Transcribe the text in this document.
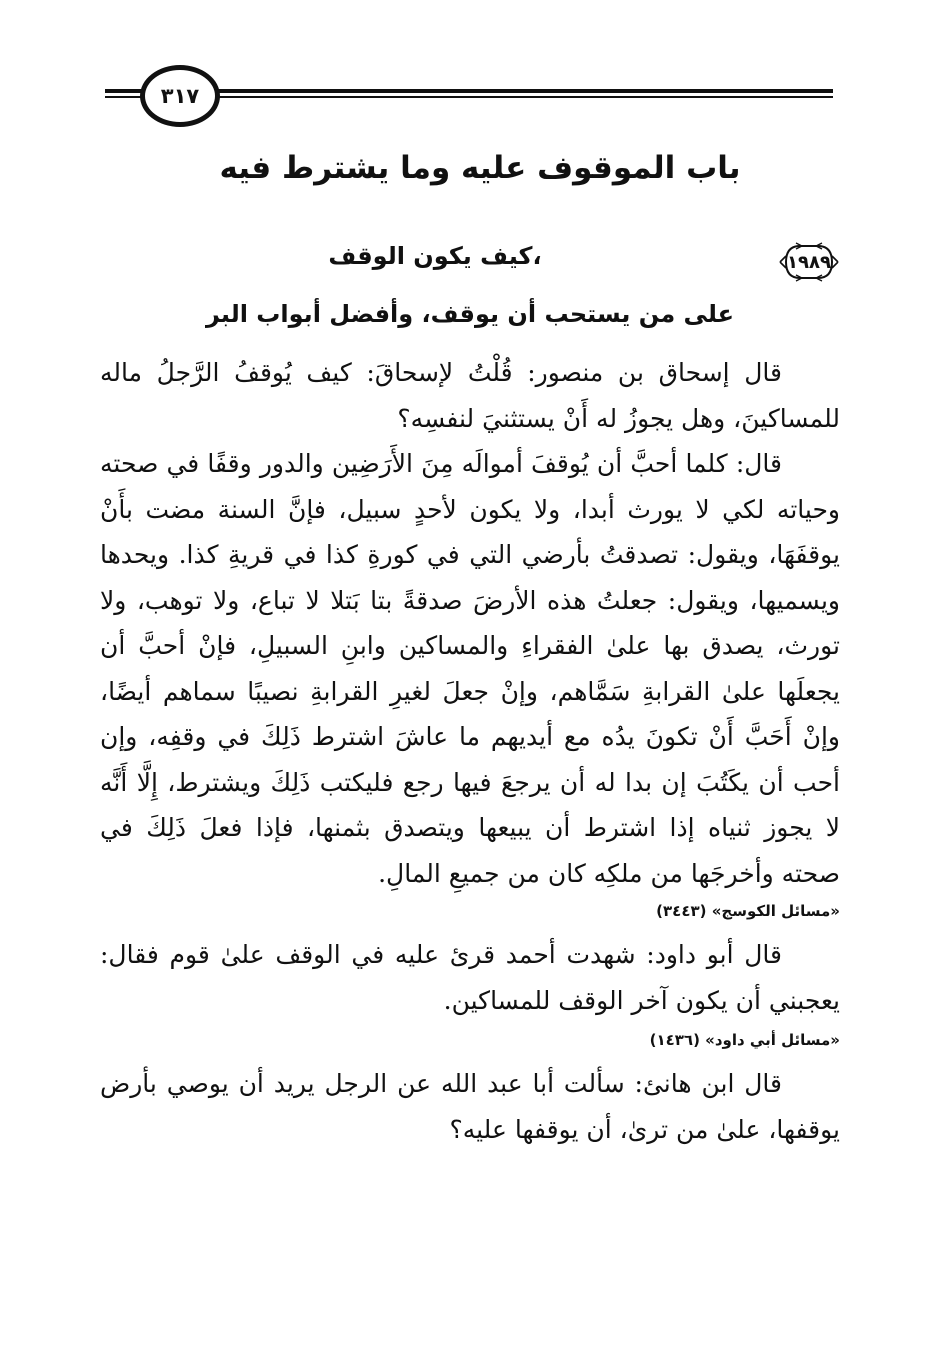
٣١٧
باب الموقوف عليه وما يشترط فيه
كيف يكون الوقف،	١٩٨٩
على من يستحب أن يوقف، وأفضل أبواب البر

قال إسحاق بن منصور: قُلْتُ لإسحاقَ: كيف يُوقفُ الرَّجلُ ماله للمساكينَ، وهل يجوزُ له أَنْ يستثنيَ لنفسِه؟

قال: كلما أحبَّ أن يُوقفَ أموالَه مِنَ الأَرَضِين والدور وقفًا في صحته وحياته لكي لا يورث أبدا، ولا يكون لأحدٍ سبيل، فإنَّ السنة مضت بأَنْ يوقفَهَا، ويقول: تصدقتُ بأرضي التي في كورةِ كذا في قريةِ كذا. ويحدها ويسميها، ويقول: جعلتُ هذه الأرضَ صدقةً بتا بَتلا لا تباع، ولا توهب، ولا تورث، يصدق بها علىٰ الفقراءِ والمساكين وابنِ السبيلِ، فإنْ أحبَّ أن يجعلَها علىٰ القرابةِ سَمَّاهم، وإنْ جعلَ لغيرِ القرابةِ نصيبًا سماهم أيضًا، وإنْ أَحَبَّ أَنْ تكونَ يدُه مع أيديهم ما عاشَ اشترط ذَلِكَ في وقفِه، وإن أحب أن يكَتُبَ إن بدا له أن يرجعَ فيها رجع فليكتب ذَلِكَ ويشترط، إِلَّا أَنَّه لا يجوز ثنياه إذا اشترط أن يبيعها ويتصدق بثمنها، فإذا فعلَ ذَلِكَ في صحته وأخرجَها من ملكِه كان من جميعِ المالِ.

«مسائل الكوسج» (٣٤٤٣)

قال أبو داود: شهدت أحمد قرئ عليه في الوقف علىٰ قوم فقال: يعجبني أن يكون آخر الوقف للمساكين.

«مسائل أبي داود» (١٤٣٦)

قال ابن هانئ: سألت أبا عبد الله عن الرجل يريد أن يوصي بأرض يوقفها، علىٰ من ترىٰ، أن يوقفها عليه؟
